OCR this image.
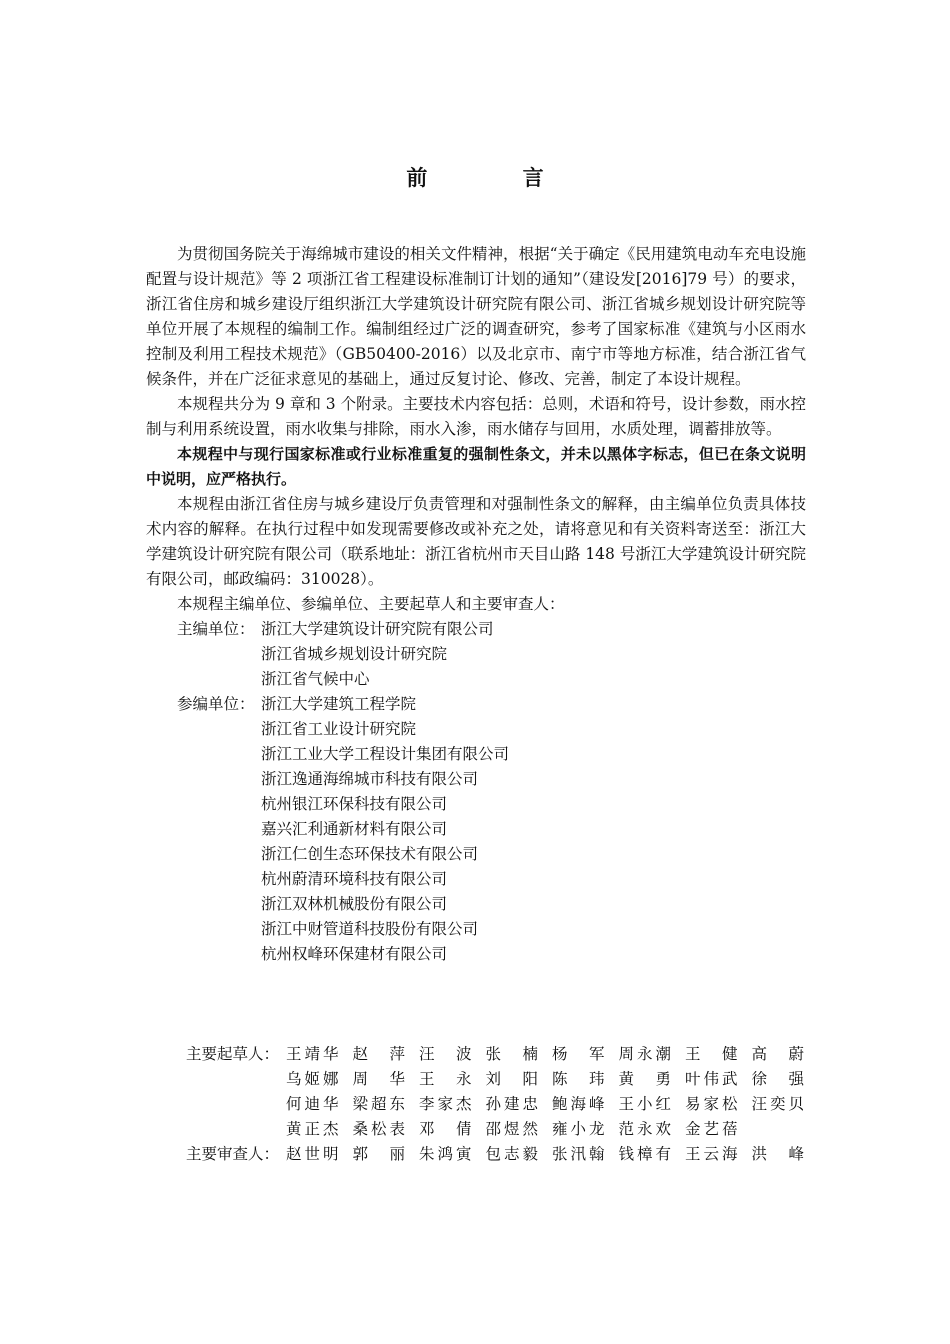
前 言

为贯彻国务院关于海绵城市建设的相关文件精神，根据“关于确定《民用建筑电动车充电设施配置与设计规范》等 2 项浙江省工程建设标准制订计划的通知”（建设发[2016]79 号）的要求，浙江省住房和城乡建设厅组织浙江大学建筑设计研究院有限公司、浙江省城乡规划设计研究院等单位开展了本规程的编制工作。编制组经过广泛的调查研究，参考了国家标准《建筑与小区雨水控制及利用工程技术规范》（GB50400-2016）以及北京市、南宁市等地方标准，结合浙江省气候条件，并在广泛征求意见的基础上，通过反复讨论、修改、完善，制定了本设计规程。

本规程共分为 9 章和 3 个附录。主要技术内容包括：总则，术语和符号，设计参数，雨水控制与利用系统设置，雨水收集与排除，雨水入渗，雨水储存与回用，水质处理，调蓄排放等。

本规程中与现行国家标准或行业标准重复的强制性条文，并未以黑体字标志，但已在条文说明中说明，应严格执行。

本规程由浙江省住房与城乡建设厅负责管理和对强制性条文的解释，由主编单位负责具体技术内容的解释。在执行过程中如发现需要修改或补充之处，请将意见和有关资料寄送至：浙江大学建筑设计研究院有限公司（联系地址：浙江省杭州市天目山路 148 号浙江大学建筑设计研究院有限公司，邮政编码：310028）。

本规程主编单位、参编单位、主要起草人和主要审查人：

主编单位： 浙江大学建筑设计研究院有限公司
浙江省城乡规划设计研究院
浙江省气候中心
参编单位： 浙江大学建筑工程学院
浙江省工业设计研究院
浙江工业大学工程设计集团有限公司
浙江逸通海绵城市科技有限公司
杭州银江环保科技有限公司
嘉兴汇利通新材料有限公司
浙江仁创生态环保技术有限公司
杭州蔚清环境科技有限公司
浙江双林机械股份有限公司
浙江中财管道科技股份有限公司
杭州权峰环保建材有限公司
主要起草人： 王靖华 赵萍 汪波 张楠 杨军 周永潮 王健 高蔚
乌姬娜 周华 王永 刘阳 陈玮 黄勇 叶伟武 徐强
何迪华 梁超东 李家杰 孙建忠 鲍海峰 王小红 易家松 汪奕贝
黄正杰 桑松表 邓倩 邵煜然 雍小龙 范永欢 金艺蓓
主要审查人： 赵世明 郭丽 朱鸿寅 包志毅 张汛翰 钱樟有 王云海 洪峰
